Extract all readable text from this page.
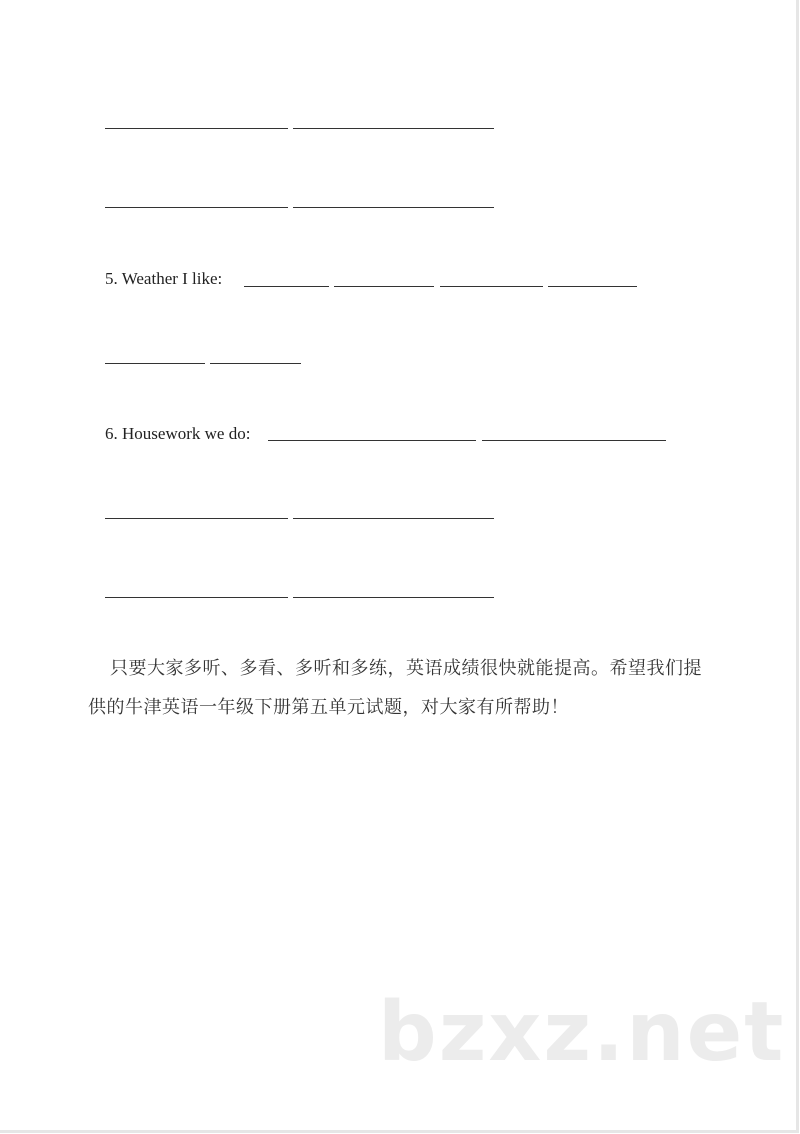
5. Weather I like:
6. Housework we do:
只要大家多听、多看、多听和多练，英语成绩很快就能提高。希望我们提
供的牛津英语一年级下册第五单元试题，对大家有所帮助！
bzxz.net
